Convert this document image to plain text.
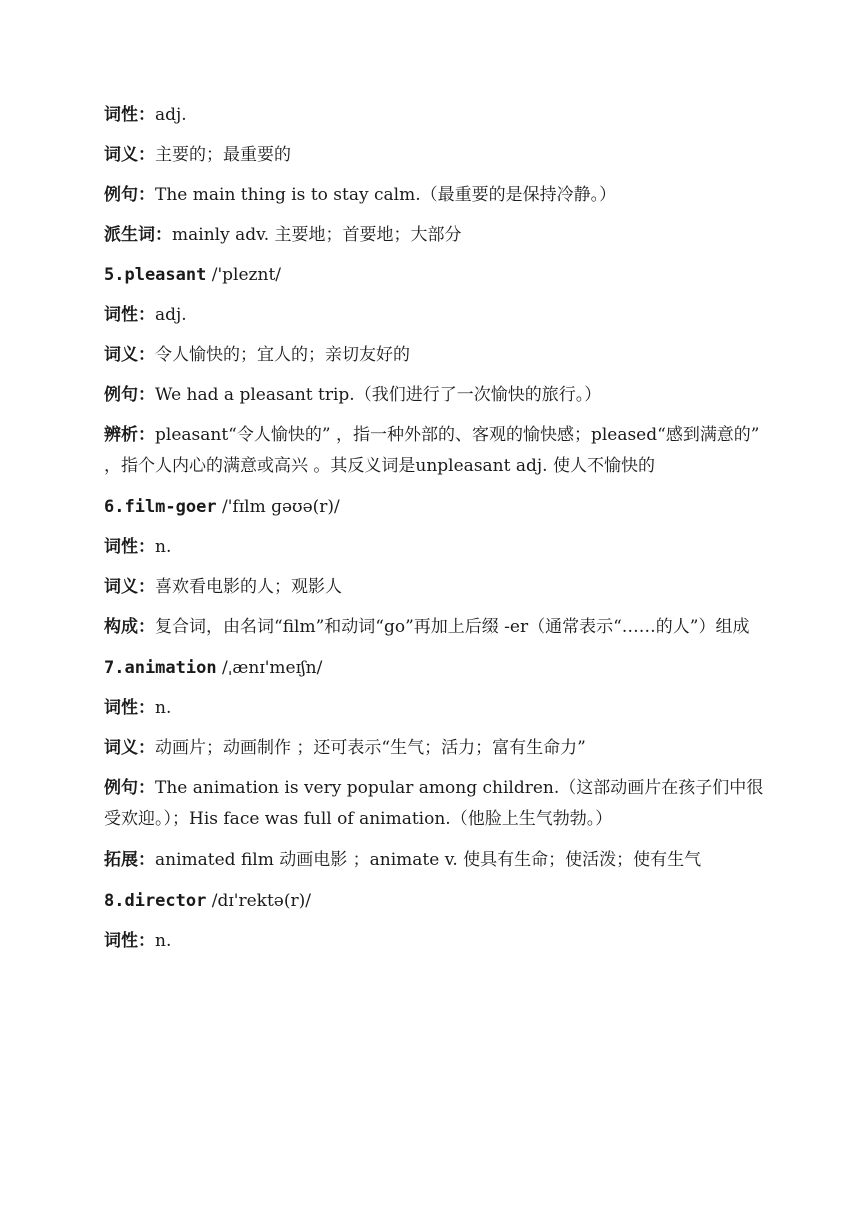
词性：adj.

词义：主要的；最重要的

例句：The main thing is to stay calm.（最重要的是保持冷静。）

派生词：mainly adv. 主要地；首要地；大部分

5.pleasant /'pleznt/

词性：adj.

词义：令人愉快的；宜人的；亲切友好的

例句：We had a pleasant trip.（我们进行了一次愉快的旅行。）

辨析：pleasant“令人愉快的” ，指一种外部的、客观的愉快感；pleased“感到满意的” ，指个人内心的满意或高兴 。其反义词是unpleasant adj. 使人不愉快的

6.film-goer /'fɪlm ɡəʊə(r)/

词性：n.

词义：喜欢看电影的人；观影人

构成：复合词，由名词“film”和动词“go”再加上后缀 -er（通常表示“……的人”）组成

7.animation /ˌænɪ'meɪʃn/

词性：n.

词义：动画片；动画制作 ；还可表示“生气；活力；富有生命力”

例句：The animation is very popular among children.（这部动画片在孩子们中很受欢迎。）；His face was full of animation.（他脸上生气勃勃。）

拓展：animated film 动画电影 ；animate v. 使具有生命；使活泼；使有生气

8.director /dɪ'rektə(r)/

词性：n.
